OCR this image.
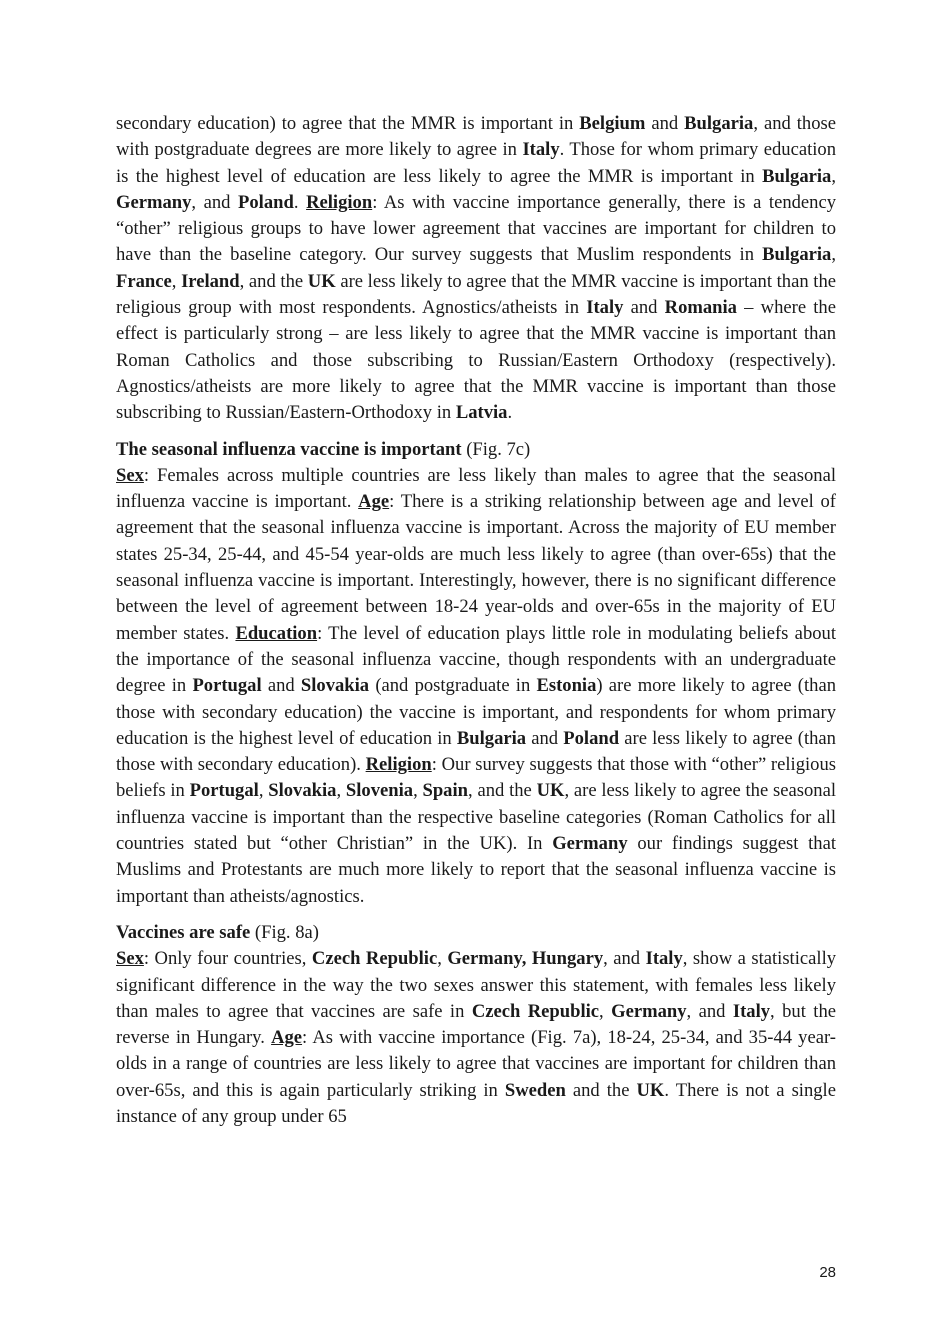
secondary education) to agree that the MMR is important in Belgium and Bulgaria, and those with postgraduate degrees are more likely to agree in Italy. Those for whom primary education is the highest level of education are less likely to agree the MMR is important in Bulgaria, Germany, and Poland. Religion: As with vaccine importance generally, there is a tendency “other” religious groups to have lower agreement that vaccines are important for children to have than the baseline category. Our survey suggests that Muslim respondents in Bulgaria, France, Ireland, and the UK are less likely to agree that the MMR vaccine is important than the religious group with most respondents. Agnostics/atheists in Italy and Romania – where the effect is particularly strong – are less likely to agree that the MMR vaccine is important than Roman Catholics and those subscribing to Russian/Eastern Orthodoxy (respectively). Agnostics/atheists are more likely to agree that the MMR vaccine is important than those subscribing to Russian/Eastern-Orthodoxy in Latvia.

The seasonal influenza vaccine is important (Fig. 7c)

Sex: Females across multiple countries are less likely than males to agree that the seasonal influenza vaccine is important. Age: There is a striking relationship between age and level of agreement that the seasonal influenza vaccine is important. Across the majority of EU member states 25-34, 25-44, and 45-54 year-olds are much less likely to agree (than over-65s) that the seasonal influenza vaccine is important. Interestingly, however, there is no significant difference between the level of agreement between 18-24 year-olds and over-65s in the majority of EU member states. Education: The level of education plays little role in modulating beliefs about the importance of the seasonal influenza vaccine, though respondents with an undergraduate degree in Portugal and Slovakia (and postgraduate in Estonia) are more likely to agree (than those with secondary education) the vaccine is important, and respondents for whom primary education is the highest level of education in Bulgaria and Poland are less likely to agree (than those with secondary education). Religion: Our survey suggests that those with “other” religious beliefs in Portugal, Slovakia, Slovenia, Spain, and the UK, are less likely to agree the seasonal influenza vaccine is important than the respective baseline categories (Roman Catholics for all countries stated but “other Christian” in the UK). In Germany our findings suggest that Muslims and Protestants are much more likely to report that the seasonal influenza vaccine is important than atheists/agnostics.

Vaccines are safe (Fig. 8a)

Sex: Only four countries, Czech Republic, Germany, Hungary, and Italy, show a statistically significant difference in the way the two sexes answer this statement, with females less likely than males to agree that vaccines are safe in Czech Republic, Germany, and Italy, but the reverse in Hungary. Age: As with vaccine importance (Fig. 7a), 18-24, 25-34, and 35-44 year-olds in a range of countries are less likely to agree that vaccines are important for children than over-65s, and this is again particularly striking in Sweden and the UK. There is not a single instance of any group under 65

28
